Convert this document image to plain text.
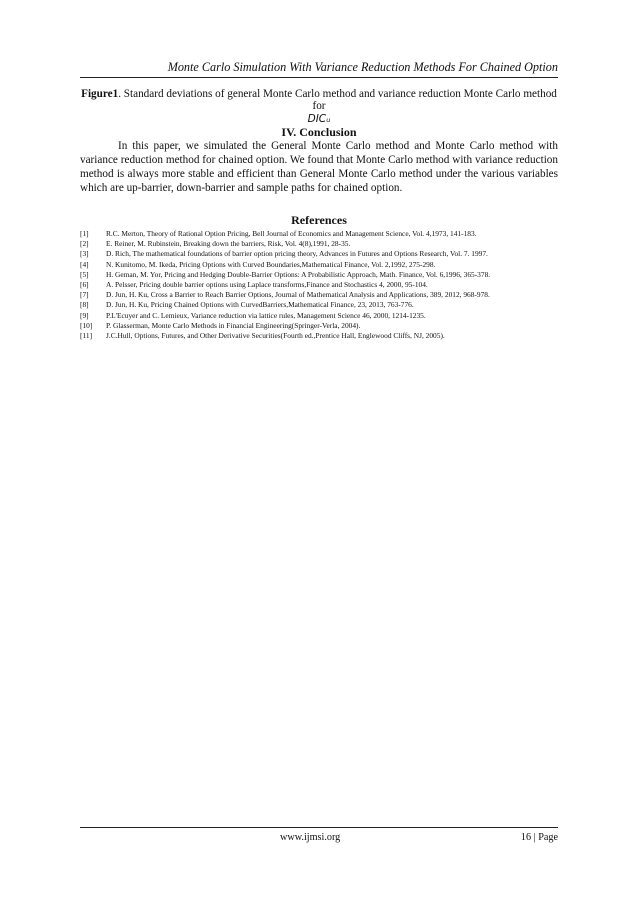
Monte Carlo Simulation With Variance Reduction Methods For Chained Option
Figure1. Standard deviations of general Monte Carlo method and variance reduction Monte Carlo method for
DICᵤ
IV. Conclusion
In this paper, we simulated the General Monte Carlo method and Monte Carlo method with variance reduction method for chained option. We found that Monte Carlo method with variance reduction method is always more stable and efficient than General Monte Carlo method under the various variables which are up-barrier, down-barrier and sample paths for chained option.
References
[1]	R.C. Merton, Theory of Rational Option Pricing, Bell Journal of Economics and Management Science, Vol. 4,1973, 141-183.
[2]	E. Reiner, M. Rubinstein, Breaking down the barriers, Risk, Vol. 4(8),1991, 28-35.
[3]	D. Rich, The mathematical foundations of barrier option pricing theory, Advances in Futures and Options Research, Vol. 7. 1997.
[4]	N. Kunitomo, M. Ikeda, Pricing Options with Curved Boundaries,Mathematical Finance, Vol. 2,1992, 275-298.
[5]	H. Geman, M. Yor, Pricing and Hedging Double-Barrier Options: A Probabilistic Approach, Math. Finance, Vol. 6,1996, 365-378.
[6]	A. Pelsser, Pricing double barrier options using Laplace transforms,Finance and Stochastics 4, 2000, 95-104.
[7]	D. Jun, H. Ku, Cross a Barrier to Reach Barrier Options, Journal of Mathematical Analysis and Applications, 389, 2012, 968-978.
[8]	D. Jun, H. Ku, Pricing Chained Options with CurvedBarriers,Mathematical Finance, 23, 2013, 763-776.
[9]	P.L'Ecuyer and C. Lemieux, Variance reduction via lattice rules, Management Science 46, 2000, 1214-1235.
[10]	P. Glasserman, Monte Carlo Methods in Financial Engineering(Springer-Verla, 2004).
[11]	J.C.Hull, Options, Futures, and Other Derivative Securities(Fourth ed.,Prentice Hall, Englewood Cliffs, NJ, 2005).
www.ijmsi.org	16 | Page
